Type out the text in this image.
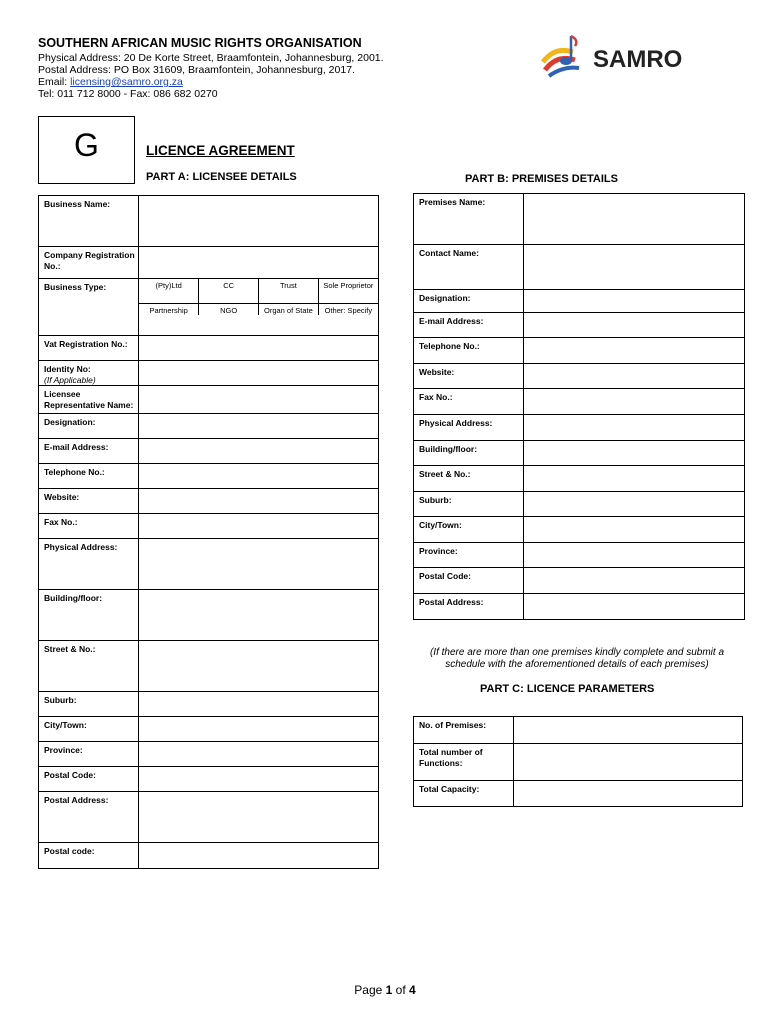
SOUTHERN AFRICAN MUSIC RIGHTS ORGANISATION
Physical Address: 20 De Korte Street, Braamfontein, Johannesburg, 2001.
Postal Address: PO Box 31609, Braamfontein, Johannesburg, 2017.
Email: licensing@samro.org.za
Tel: 011 712 8000 - Fax: 086 682 0270
SAMRO
G	LICENCE AGREEMENT
PART A: LICENSEE DETAILS	PART B: PREMISES DETAILS
Business Name:	
Company Registration No.:	
Business Type:		(Pty)Ltd	CC	Trust	Sole Proprietor
Partnership	NGO	Organ of State	Other: Specify

Vat Registration No.:	
Identity No:
(If Applicable)	
Licensee Representative Name:	
Designation:	
E-mail Address:	
Telephone No.:	
Website:	
Fax No.:	
Physical Address:	
Building/floor:	
Street & No.:	
Suburb:	
City/Town:	
Province:	
Postal Code:	
Postal Address:	
Postal code:	
Premises Name:	
Contact Name:	
Designation:	
E-mail Address:	
Telephone No.:	
Website:	
Fax No.:	
Physical Address:	
Building/floor:	
Street & No.:	
Suburb:	
City/Town:	
Province:	
Postal Code:	
Postal Address:	
(If there are more than one premises kindly complete and submit a schedule with the aforementioned details of each premises)
PART C: LICENCE PARAMETERS
No. of Premises:	
Total number of Functions:	
Total Capacity:	
Page 1 of 4
